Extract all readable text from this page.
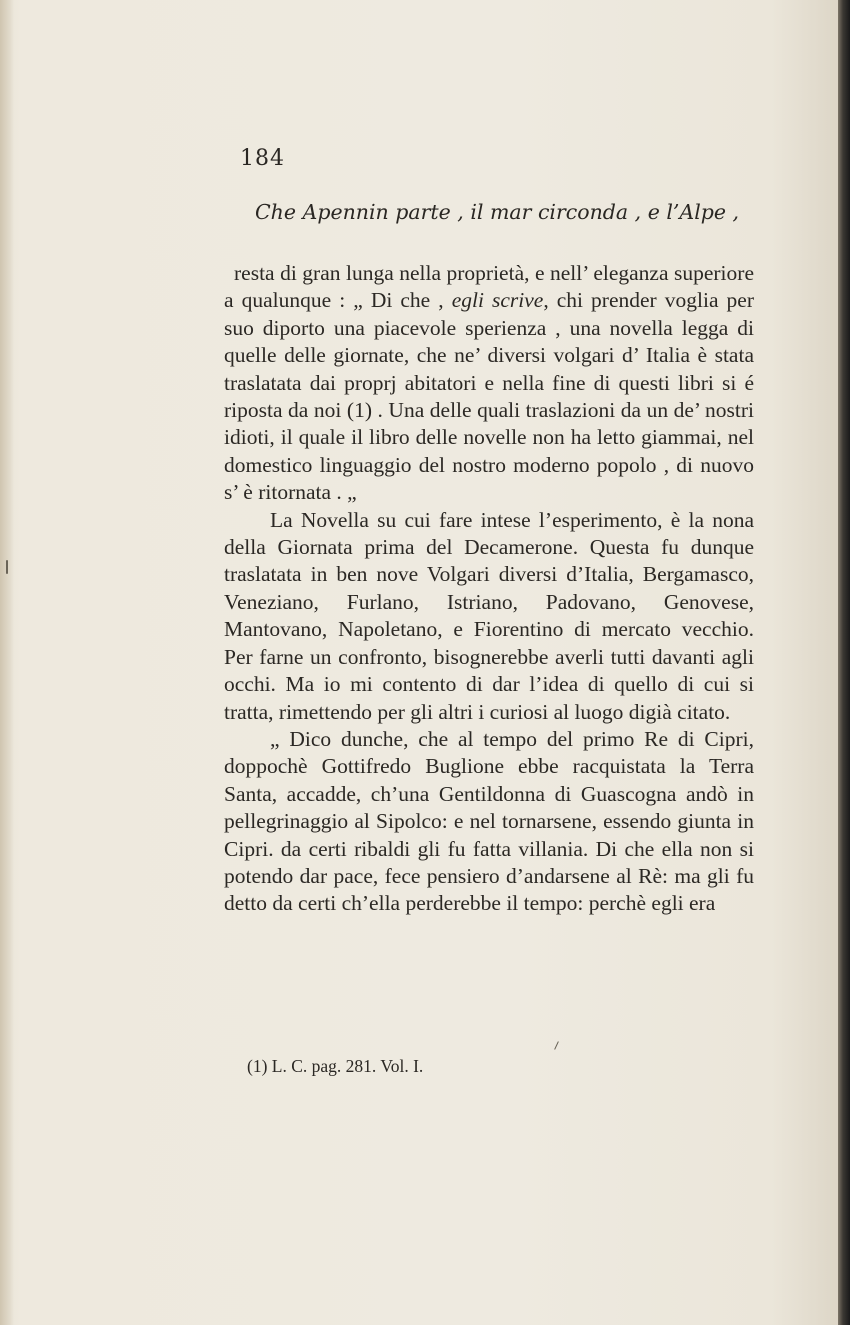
184
Che Apennin parte , il mar circonda , e l’Alpe ,

resta di gran lunga nella proprietà, e nell’ eleganza superiore a qualunque : „ Di che , egli scrive, chi prender voglia per suo diporto una piacevole sperienza , una novella legga di quelle delle giornate, che ne’ diversi volgari d’ Italia è stata traslatata dai proprj abitatori e nella fine di questi libri si é riposta da noi (1) . Una delle quali traslazioni da un de’ nostri idioti, il quale il libro delle novelle non ha letto giammai, nel domestico linguaggio del nostro moderno popolo , di nuovo s’ è ritornata . „

La Novella su cui fare intese l’esperimento, è la nona della Giornata prima del Decamerone. Questa fu dunque traslatata in ben nove Volgari diversi d’Italia, Bergamasco, Veneziano, Furlano, Istriano, Padovano, Genovese, Mantovano, Napoletano, e Fiorentino di mercato vecchio. Per farne un confronto, bisognerebbe averli tutti davanti agli occhi. Ma io mi contento di dar l’idea di quello di cui si tratta, rimettendo per gli altri i curiosi al luogo digià citato.

„ Dico dunche, che al tempo del primo Re di Cipri, doppochè Gottifredo Buglione ebbe racquistata la Terra Santa, accadde, ch’una Gentildonna di Guascogna andò in pellegrinaggio al Sipolco: e nel tornarsene, essendo giunta in Cipri. da certi ribaldi gli fu fatta villania. Di che ella non si potendo dar pace, fece pensiero d’andarsene al Rè: ma gli fu detto da certi ch’ella perderebbe il tempo: perchè egli era

(1) L. C. pag. 281. Vol. I.
